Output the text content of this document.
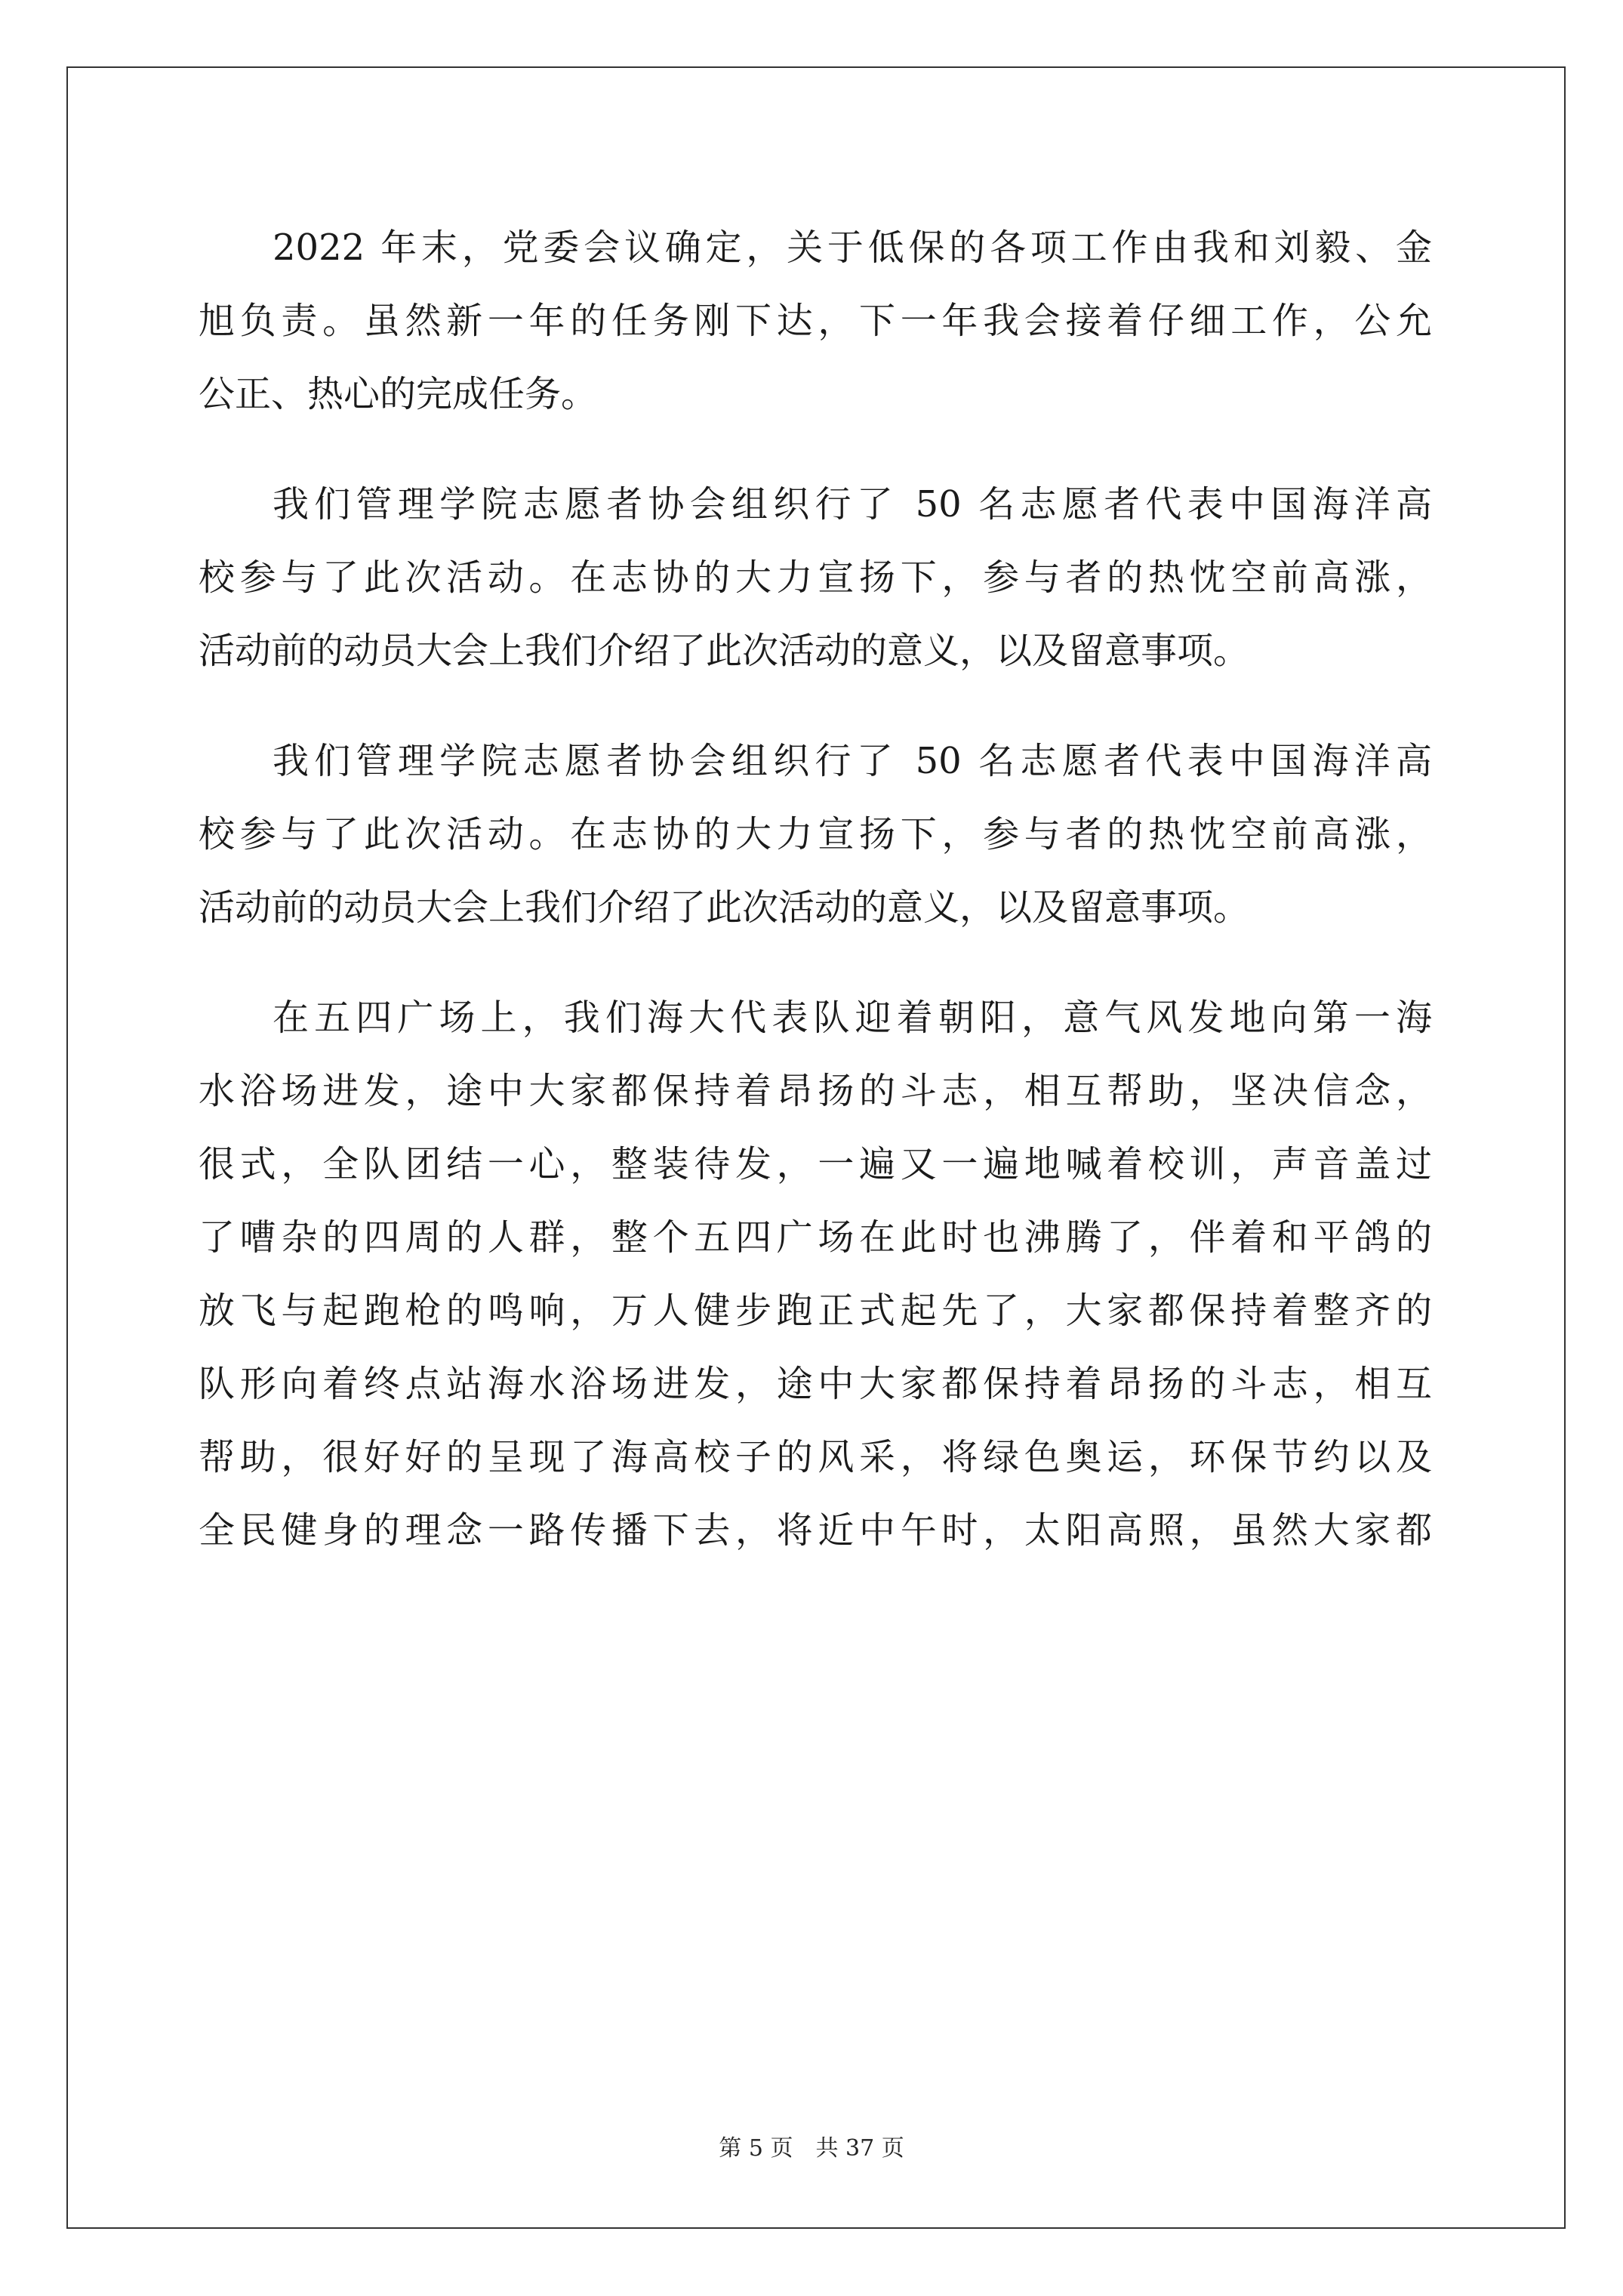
2022 年末，党委会议确定，关于低保的各项工作由我和刘毅、金
旭负责。虽然新一年的任务刚下达，下一年我会接着仔细工作，公允
公正、热心的完成任务。
我们管理学院志愿者协会组织行了 50 名志愿者代表中国海洋高
校参与了此次活动。在志协的大力宣扬下，参与者的热忱空前高涨，
活动前的动员大会上我们介绍了此次活动的意义，以及留意事项。
我们管理学院志愿者协会组织行了 50 名志愿者代表中国海洋高
校参与了此次活动。在志协的大力宣扬下，参与者的热忱空前高涨，
活动前的动员大会上我们介绍了此次活动的意义，以及留意事项。
在五四广场上，我们海大代表队迎着朝阳，意气风发地向第一海
水浴场进发，途中大家都保持着昂扬的斗志，相互帮助，坚决信念，
很式，全队团结一心，整装待发，一遍又一遍地喊着校训，声音盖过
了嘈杂的四周的人群，整个五四广场在此时也沸腾了，伴着和平鸽的
放飞与起跑枪的鸣响，万人健步跑正式起先了，大家都保持着整齐的
队形向着终点站海水浴场进发，途中大家都保持着昂扬的斗志，相互
帮助，很好好的呈现了海高校子的风采，将绿色奥运，环保节约以及
全民健身的理念一路传播下去，将近中午时，太阳高照，虽然大家都
第 5 页 共 37 页
